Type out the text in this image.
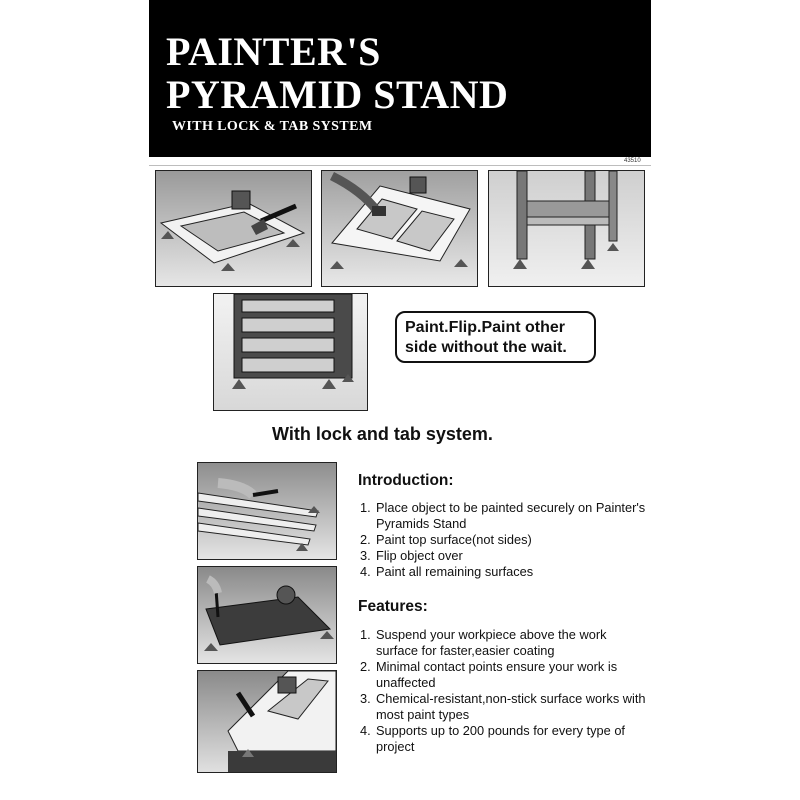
PAINTER'S
PYRAMID STAND
WITH LOCK & TAB SYSTEM
43510
Paint.Flip.Paint other
side without the wait.
With lock and tab system.
Introduction:
1. Place object to be painted securely on Painter's Pyramids Stand
2. Paint top surface(not sides)
3. Flip object over
4. Paint all remaining surfaces
Features:
1. Suspend your workpiece above the work surface for faster,easier coating
2. Minimal contact points ensure your work is unaffected
3. Chemical-resistant,non-stick surface works with most paint types
4. Supports up to 200 pounds for every type of project
